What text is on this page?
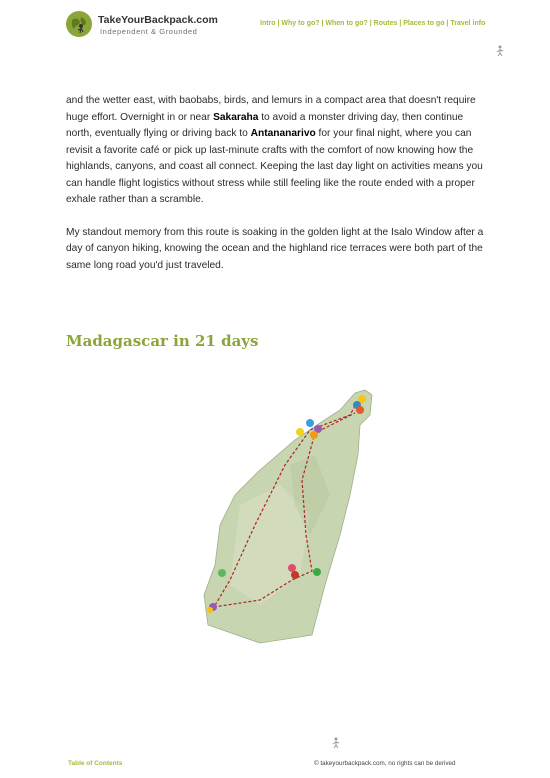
TakeYourBackpack.com
Independent & Grounded
Intro | Why to go? | When to go? | Routes | Places to go | Travel info

and the wetter east, with baobabs, birds, and lemurs in a compact area that doesn't require huge effort. Overnight in or near Sakaraha to avoid a monster driving day, then continue north, eventually flying or driving back to Antananarivo for your final night, where you can revisit a favorite café or pick up last-minute crafts with the comfort of now knowing how the highlands, canyons, and coast all connect. Keeping the last day light on activities means you can handle flight logistics without stress while still feeling like the route ended with a proper exhale rather than a scramble.

My standout memory from this route is soaking in the golden light at the Isalo Window after a day of canyon hiking, knowing the ocean and the highland rice terraces were both part of the same long road you'd just traveled.

Madagascar in 21 days
Table of Contents	© takeyourbackpack.com, no rights can be derived
